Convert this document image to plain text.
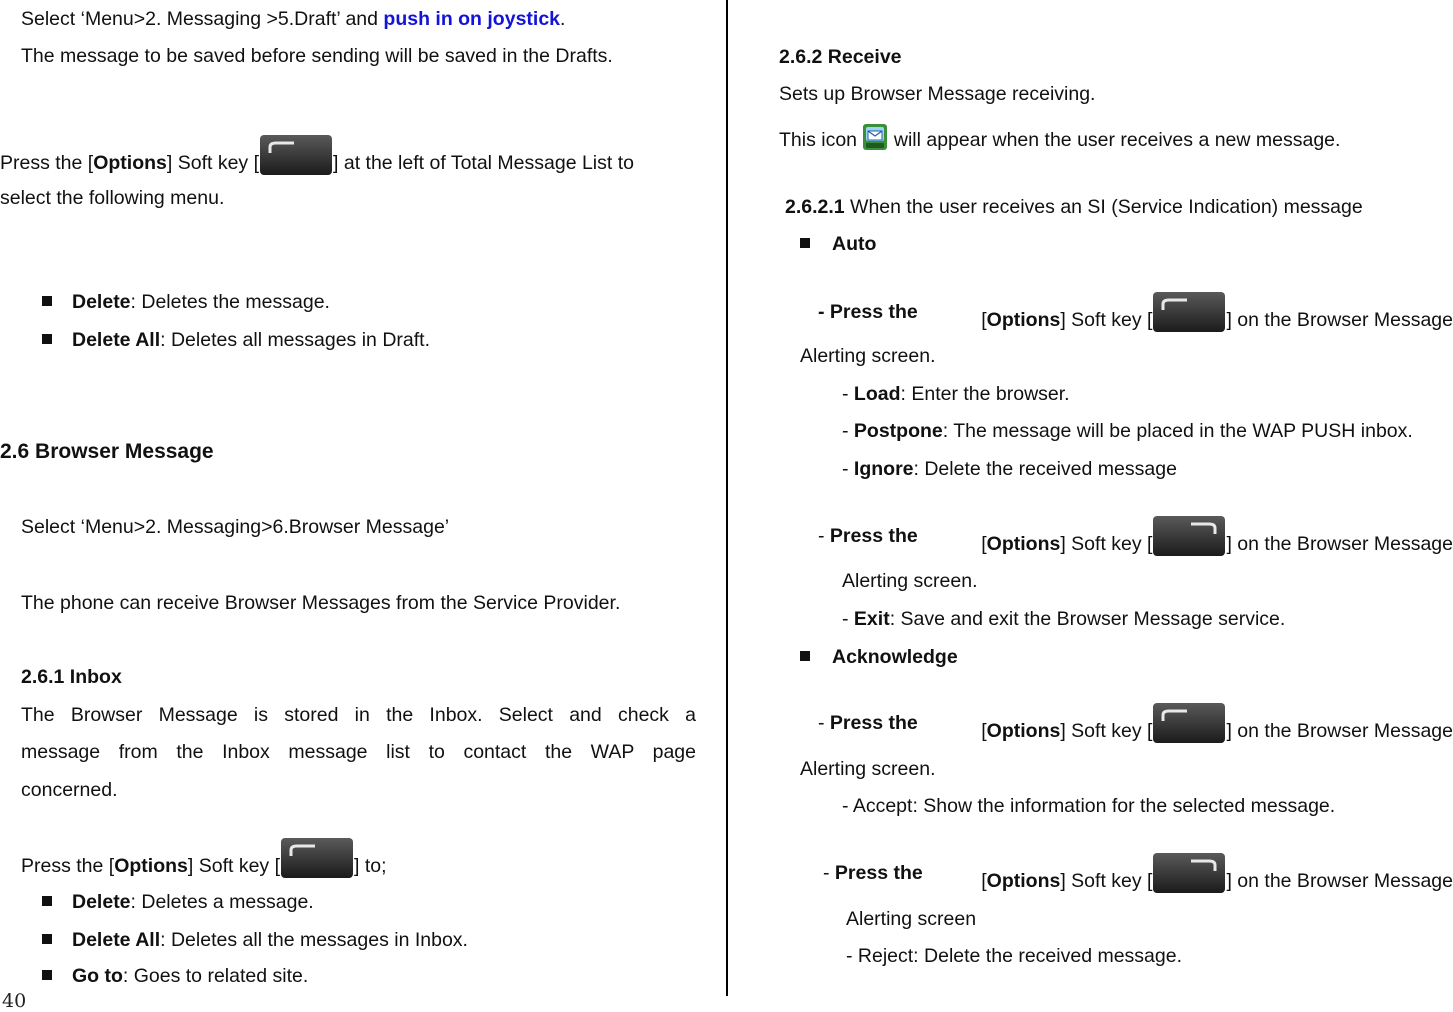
Select ‘Menu>2. Messaging >5.Draft’ and push in on joystick.
The message to be saved before sending will be saved in the Drafts.
Press the [Options] Soft key [	] at the left of Total Message List to
select the following menu.
Delete: Deletes the message.
Delete All: Deletes all messages in Draft.
2.6 Browser Message
Select ‘Menu>2. Messaging>6.Browser Message’
The phone can receive Browser Messages from the Service Provider.
2.6.1 Inbox
The Browser Message is stored in the Inbox. Select and check a
message from the Inbox message list to contact the WAP page
concerned.
Press the [Options] Soft key [	] to;
Delete: Deletes a message.
Delete All: Deletes all the messages in Inbox.
Go to: Goes to related site.
40
2.6.2 Receive
Sets up Browser Message receiving.
This icon  will appear when the user receives a new message.
2.6.2.1 When the user receives an SI (Service Indication) message
Auto
- Press the	[Options] Soft key [	] on the Browser Message
Alerting screen.
- Load: Enter the browser.
- Postpone: The message will be placed in the WAP PUSH inbox.
- Ignore: Delete the received message
- Press the	[Options] Soft key [	] on the Browser Message
Alerting screen.
- Exit: Save and exit the Browser Message service.
Acknowledge
- Press the	[Options] Soft key [	] on the Browser Message
Alerting screen.
- Accept: Show the information for the selected message.
- Press the	[Options] Soft key [	] on the Browser Message
Alerting screen
- Reject: Delete the received message.
